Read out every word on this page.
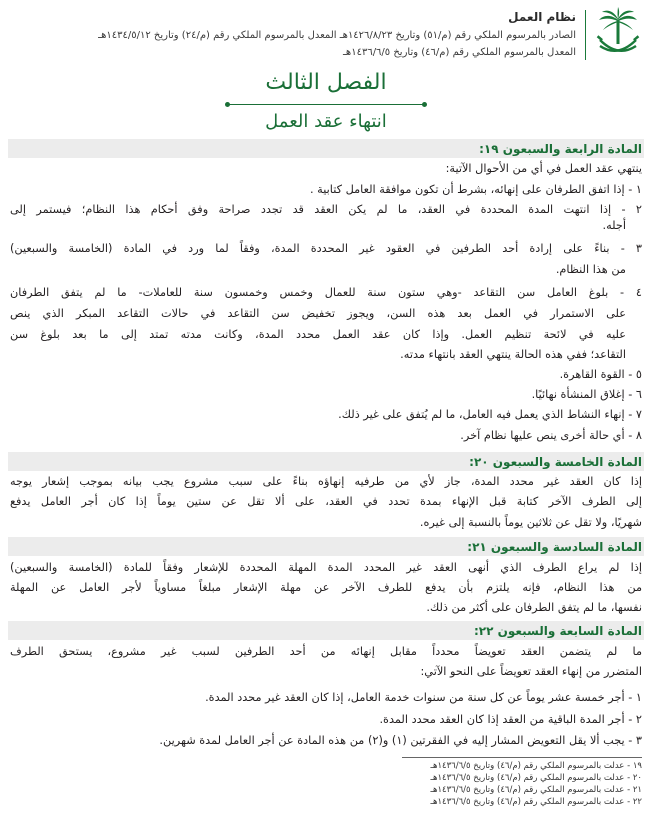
نظام العمل
الصادر بالمرسوم الملكي رقم (م/٥١) وتاريخ ١٤٢٦/٨/٢٣هـ المعدل بالمرسوم الملكي رقم (م/٢٤) وتاريخ ١٤٣٤/٥/١٢هـ
المعدل بالمرسوم الملكي رقم (م/٤٦) وتاريخ ١٤٣٦/٦/٥هـ
الفصل الثالث
انتهاء عقد العمل
المادة الرابعة والسبعون ١٩:
ينتهي عقد العمل في أي من الأحوال الآتية:
١ - إذا اتفق الطرفان على إنهائه، بشرط أن تكون موافقة العامل كتابية .
٢ - إذا انتهت المدة المحددة في العقد، ما لم يكن العقد قد تجدد صراحة وفق أحكام هذا النظام؛ فيستمر إلى
أجله.
٣ - بناءً على إرادة أحد الطرفين في العقود غير المحددة المدة، وفقاً لما ورد في المادة (الخامسة والسبعين)
من هذا النظام.
٤ - بلوغ العامل سن التقاعد -وهي ستون سنة للعمال وخمس وخمسون سنة للعاملات- ما لم يتفق الطرفان
على الاستمرار في العمل بعد هذه السن، ويجوز تخفيض سن التقاعد في حالات التقاعد المبكر الذي ينص
عليه في لائحة تنظيم العمل. وإذا كان عقد العمل محدد المدة، وكانت مدته تمتد إلى ما بعد بلوغ سن
التقاعد؛ ففي هذه الحالة ينتهي العقد بانتهاء مدته.
٥ - القوة القاهرة.
٦ - إغلاق المنشأة نهائيًا.
٧ - إنهاء النشاط الذي يعمل فيه العامل، ما لم يُتفق على غير ذلك.
٨ - أي حالة أخرى ينص عليها نظام آخر.
المادة الخامسة والسبعون ٢٠:
إذا كان العقد غير محدد المدة، جاز لأي من طرفيه إنهاؤه بناءً على سبب مشروع يجب بيانه بموجب إشعار يوجه
إلى الطرف الآخر كتابة قبل الإنهاء بمدة تحدد في العقد، على ألا تقل عن ستين يوماً إذا كان أجر العامل يدفع
شهريًا، ولا تقل عن ثلاثين يوماً بالنسبة إلى غيره.
المادة السادسة والسبعون ٢١:
إذا لم يراع الطرف الذي أنهى العقد غير المحدد المدة المهلة المحددة للإشعار وفقاً للمادة (الخامسة والسبعين)
من هذا النظام، فإنه يلتزم بأن يدفع للطرف الآخر عن مهلة الإشعار مبلغاً مساوياً لأجر العامل عن المهلة
نفسها، ما لم يتفق الطرفان على أكثر من ذلك.
المادة السابعة والسبعون ٢٢:
ما لم يتضمن العقد تعويضاً محدداً مقابل إنهائه من أحد الطرفين لسبب غير مشروع، يستحق الطرف
المتضرر من إنهاء العقد تعويضاً على النحو الآتي:
١ - أجر خمسة عشر يوماً عن كل سنة من سنوات خدمة العامل، إذا كان العقد غير محدد المدة.
٢ - أجر المدة الباقية من العقد إذا كان العقد محدد المدة.
٣ - يجب ألا يقل التعويض المشار إليه في الفقرتين (١) و(٢) من هذه المادة عن أجر العامل لمدة شهرين.
١٩ - عدلت بالمرسوم الملكي رقم (م/٤٦) وتاريخ ١٤٣٦/٦/٥هـ
٢٠ - عدلت بالمرسوم الملكي رقم (م/٤٦) وتاريخ ١٤٣٦/٦/٥هـ
٢١ - عدلت بالمرسوم الملكي رقم (م/٤٦) وتاريخ ١٤٣٦/٦/٥هـ
٢٢ - عدلت بالمرسوم الملكي رقم (م/٤٦) وتاريخ ١٤٣٦/٦/٥هـ
